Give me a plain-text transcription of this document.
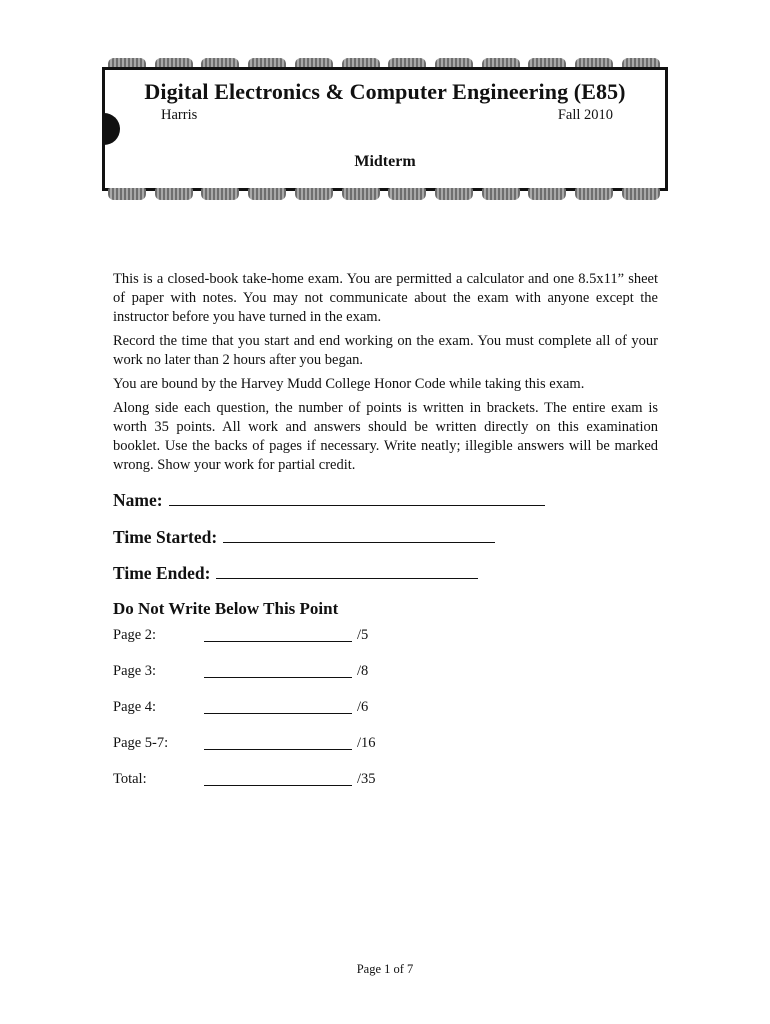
Digital Electronics & Computer Engineering (E85)
Harris	Fall 2010
Midterm

This is a closed-book take-home exam. You are permitted a calculator and one 8.5x11” sheet of paper with notes. You may not communicate about the exam with anyone except the instructor before you have turned in the exam.

Record the time that you start and end working on the exam. You must complete all of your work no later than 2 hours after you began.

You are bound by the Harvey Mudd College Honor Code while taking this exam.

Along side each question, the number of points is written in brackets. The entire exam is worth 35 points. All work and answers should be written directly on this examination booklet. Use the backs of pages if necessary. Write neatly; illegible answers will be marked wrong. Show your work for partial credit.

Name:
Time Started:
Time Ended:
Do Not Write Below This Point
Page 2:	/5
Page 3:	/8
Page 4:	/6
Page 5-7:	/16
Total:	/35
Page 1 of 7
